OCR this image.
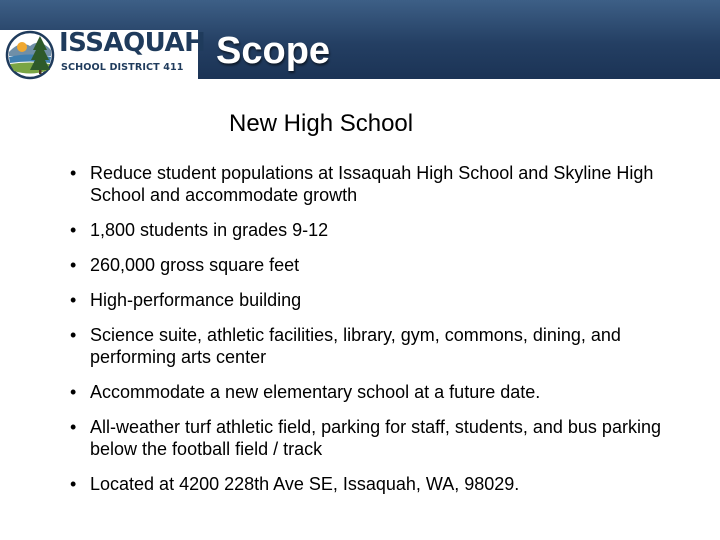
ISSAQUAH
SCHOOL DISTRICT 411 Scope
New High School
• Reduce student populations at Issaquah High School and Skyline High School and accommodate growth
• 1,800 students in grades 9-12
• 260,000 gross square feet
• High-performance building
• Science suite, athletic facilities, library, gym, commons, dining, and performing arts center
• Accommodate a new elementary school at a future date.
• All-weather turf athletic field, parking for staff, students, and bus parking below the football field / track
• Located at 4200 228th Ave SE, Issaquah, WA, 98029.
